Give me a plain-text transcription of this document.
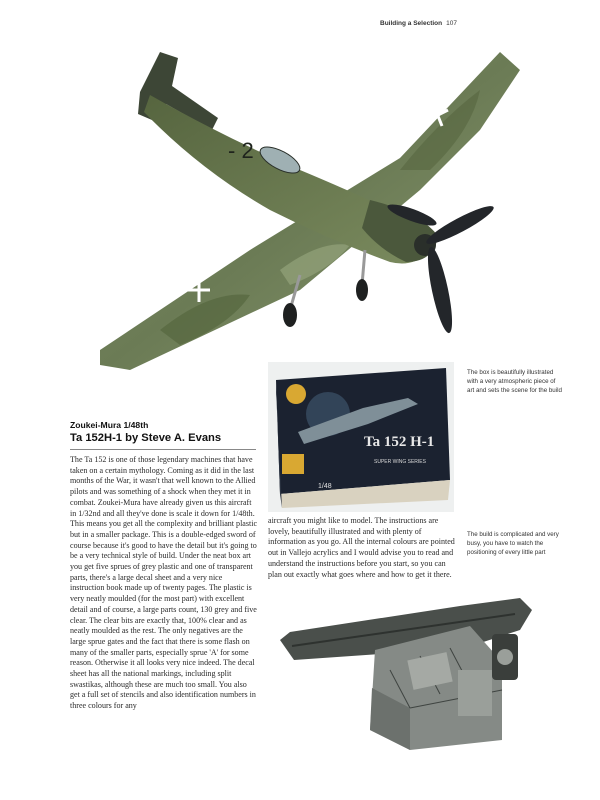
Building a Selection 107
- 2
Ta 152 H-1
SUPER WING SERIES
1/48
The box is beautifully illustrated with a very atmospheric piece of art and sets the scene for the build
Zoukei-Mura 1/48th
Ta 152H-1 by Steve A. Evans

The Ta 152 is one of those legendary machines that have taken on a certain mythology. Coming as it did in the last months of the War, it wasn't that well known to the Allied pilots and was something of a shock when they met it in combat. Zoukei-Mura have already given us this aircraft in 1/32nd and all they've done is scale it down for 1/48th. This means you get all the complexity and brilliant plastic but in a smaller package. This is a double-edged sword of course because it's good to have the detail but it's going to be a very technical style of build. Under the neat box art you get five sprues of grey plastic and one of transparent parts, there's a large decal sheet and a very nice instruction book made up of twenty pages. The plastic is very neatly moulded (for the most part) with excellent detail and of course, a large parts count, 130 grey and five clear. The clear bits are exactly that, 100% clear and as neatly moulded as the rest. The only negatives are the large sprue gates and the fact that there is some flash on many of the smaller parts, especially sprue 'A' for some reason. Otherwise it all looks very nice indeed. The decal sheet has all the national markings, including split swastikas, although these are much too small. You also get a full set of stencils and also identification numbers in three colours for any

aircraft you might like to model. The instructions are lovely, beautifully illustrated and with plenty of information as you go. All the internal colours are pointed out in Vallejo acrylics and I would advise you to read and understand the instructions before you start, so you can plan out exactly what goes where and how to get it there.

The build is complicated and very busy, you have to watch the positioning of every little part
